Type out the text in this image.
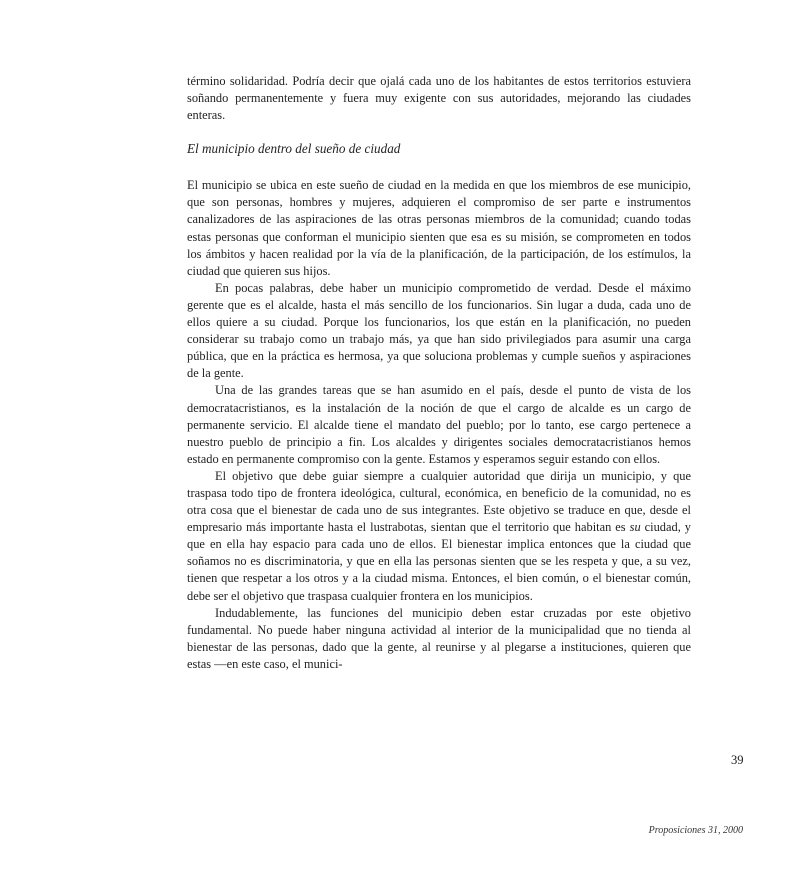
término solidaridad. Podría decir que ojalá cada uno de los habitantes de estos territorios estuviera soñando permanentemente y fuera muy exigente con sus autoridades, mejorando las ciudades enteras.

El municipio dentro del sueño de ciudad

El municipio se ubica en este sueño de ciudad en la medida en que los miembros de ese municipio, que son personas, hombres y mujeres, adquieren el compromiso de ser parte e instrumentos canalizadores de las aspiraciones de las otras personas miembros de la comunidad; cuando todas estas personas que conforman el municipio sienten que esa es su misión, se comprometen en todos los ámbitos y hacen realidad por la vía de la planificación, de la participación, de los estímulos, la ciudad que quieren sus hijos.

En pocas palabras, debe haber un municipio comprometido de verdad. Desde el máximo gerente que es el alcalde, hasta el más sencillo de los funcionarios. Sin lugar a duda, cada uno de ellos quiere a su ciudad. Porque los funcionarios, los que están en la planificación, no pueden considerar su trabajo como un trabajo más, ya que han sido privilegiados para asumir una carga pública, que en la práctica es hermosa, ya que soluciona problemas y cumple sueños y aspiraciones de la gente.

Una de las grandes tareas que se han asumido en el país, desde el punto de vista de los democratacristianos, es la instalación de la noción de que el cargo de alcalde es un cargo de permanente servicio. El alcalde tiene el mandato del pueblo; por lo tanto, ese cargo pertenece a nuestro pueblo de principio a fin. Los alcaldes y dirigentes sociales democratacristianos hemos estado en permanente compromiso con la gente. Estamos y esperamos seguir estando con ellos.

El objetivo que debe guiar siempre a cualquier autoridad que dirija un municipio, y que traspasa todo tipo de frontera ideológica, cultural, económica, en beneficio de la comunidad, no es otra cosa que el bienestar de cada uno de sus integrantes. Este objetivo se traduce en que, desde el empresario más importante hasta el lustrabotas, sientan que el territorio que habitan es su ciudad, y que en ella hay espacio para cada uno de ellos. El bienestar implica entonces que la ciudad que soñamos no es discriminatoria, y que en ella las personas sienten que se les respeta y que, a su vez, tienen que respetar a los otros y a la ciudad misma. Entonces, el bien común, o el bienestar común, debe ser el objetivo que traspasa cualquier frontera en los municipios.

Indudablemente, las funciones del municipio deben estar cruzadas por este objetivo fundamental. No puede haber ninguna actividad al interior de la municipalidad que no tienda al bienestar de las personas, dado que la gente, al reunirse y al plegarse a instituciones, quieren que estas —en este caso, el munici-

39
Proposiciones 31, 2000
